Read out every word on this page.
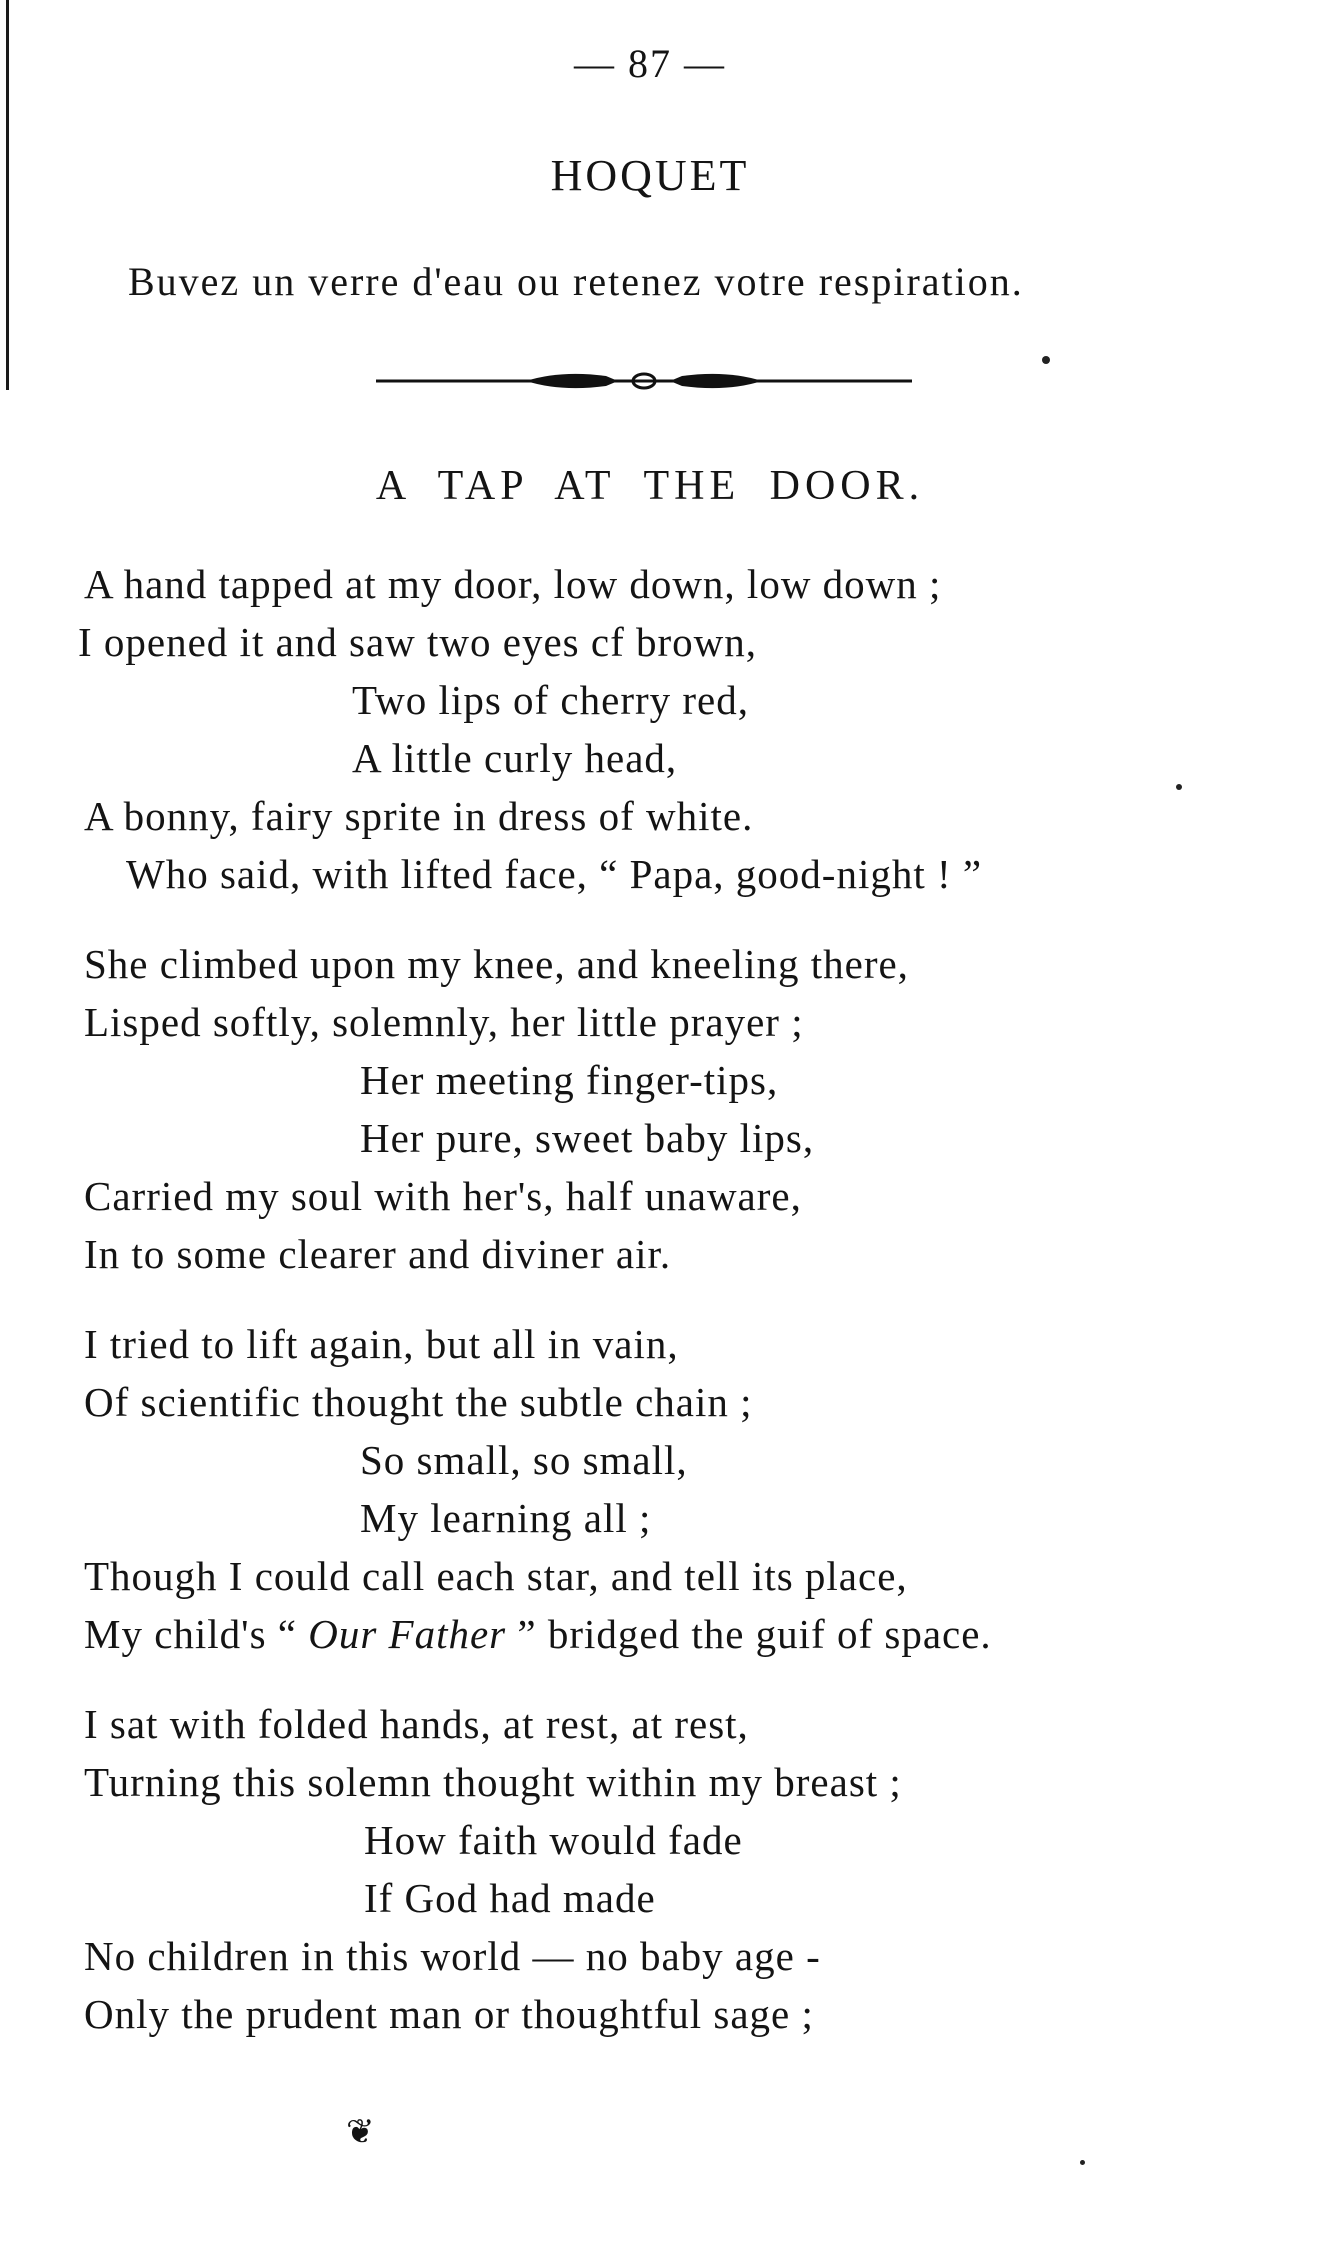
— 87 —
HOQUET
Buvez un verre d'eau ou retenez votre respiration.
A TAP AT THE DOOR.
A hand tapped at my door, low down, low down ;
I opened it and saw two eyes cf brown,
Two lips of cherry red,
A little curly head,
A bonny, fairy sprite in dress of white.
Who said, with lifted face, “ Papa, good-night ! ”
She climbed upon my knee, and kneeling there,
Lisped softly, solemnly, her little prayer ;
Her meeting finger-tips,
Her pure, sweet baby lips,
Carried my soul with her's, half unaware,
In to some clearer and diviner air.
I tried to lift again, but all in vain,
Of scientific thought the subtle chain ;
So small, so small,
My learning all ;
Though I could call each star, and tell its place,
My child's “ Our Father ” bridged the guif of space.
I sat with folded hands, at rest, at rest,
Turning this solemn thought within my breast ;
How faith would fade
If God had made
No children in this world — no baby age -
Only the prudent man or thoughtful sage ;
❦
